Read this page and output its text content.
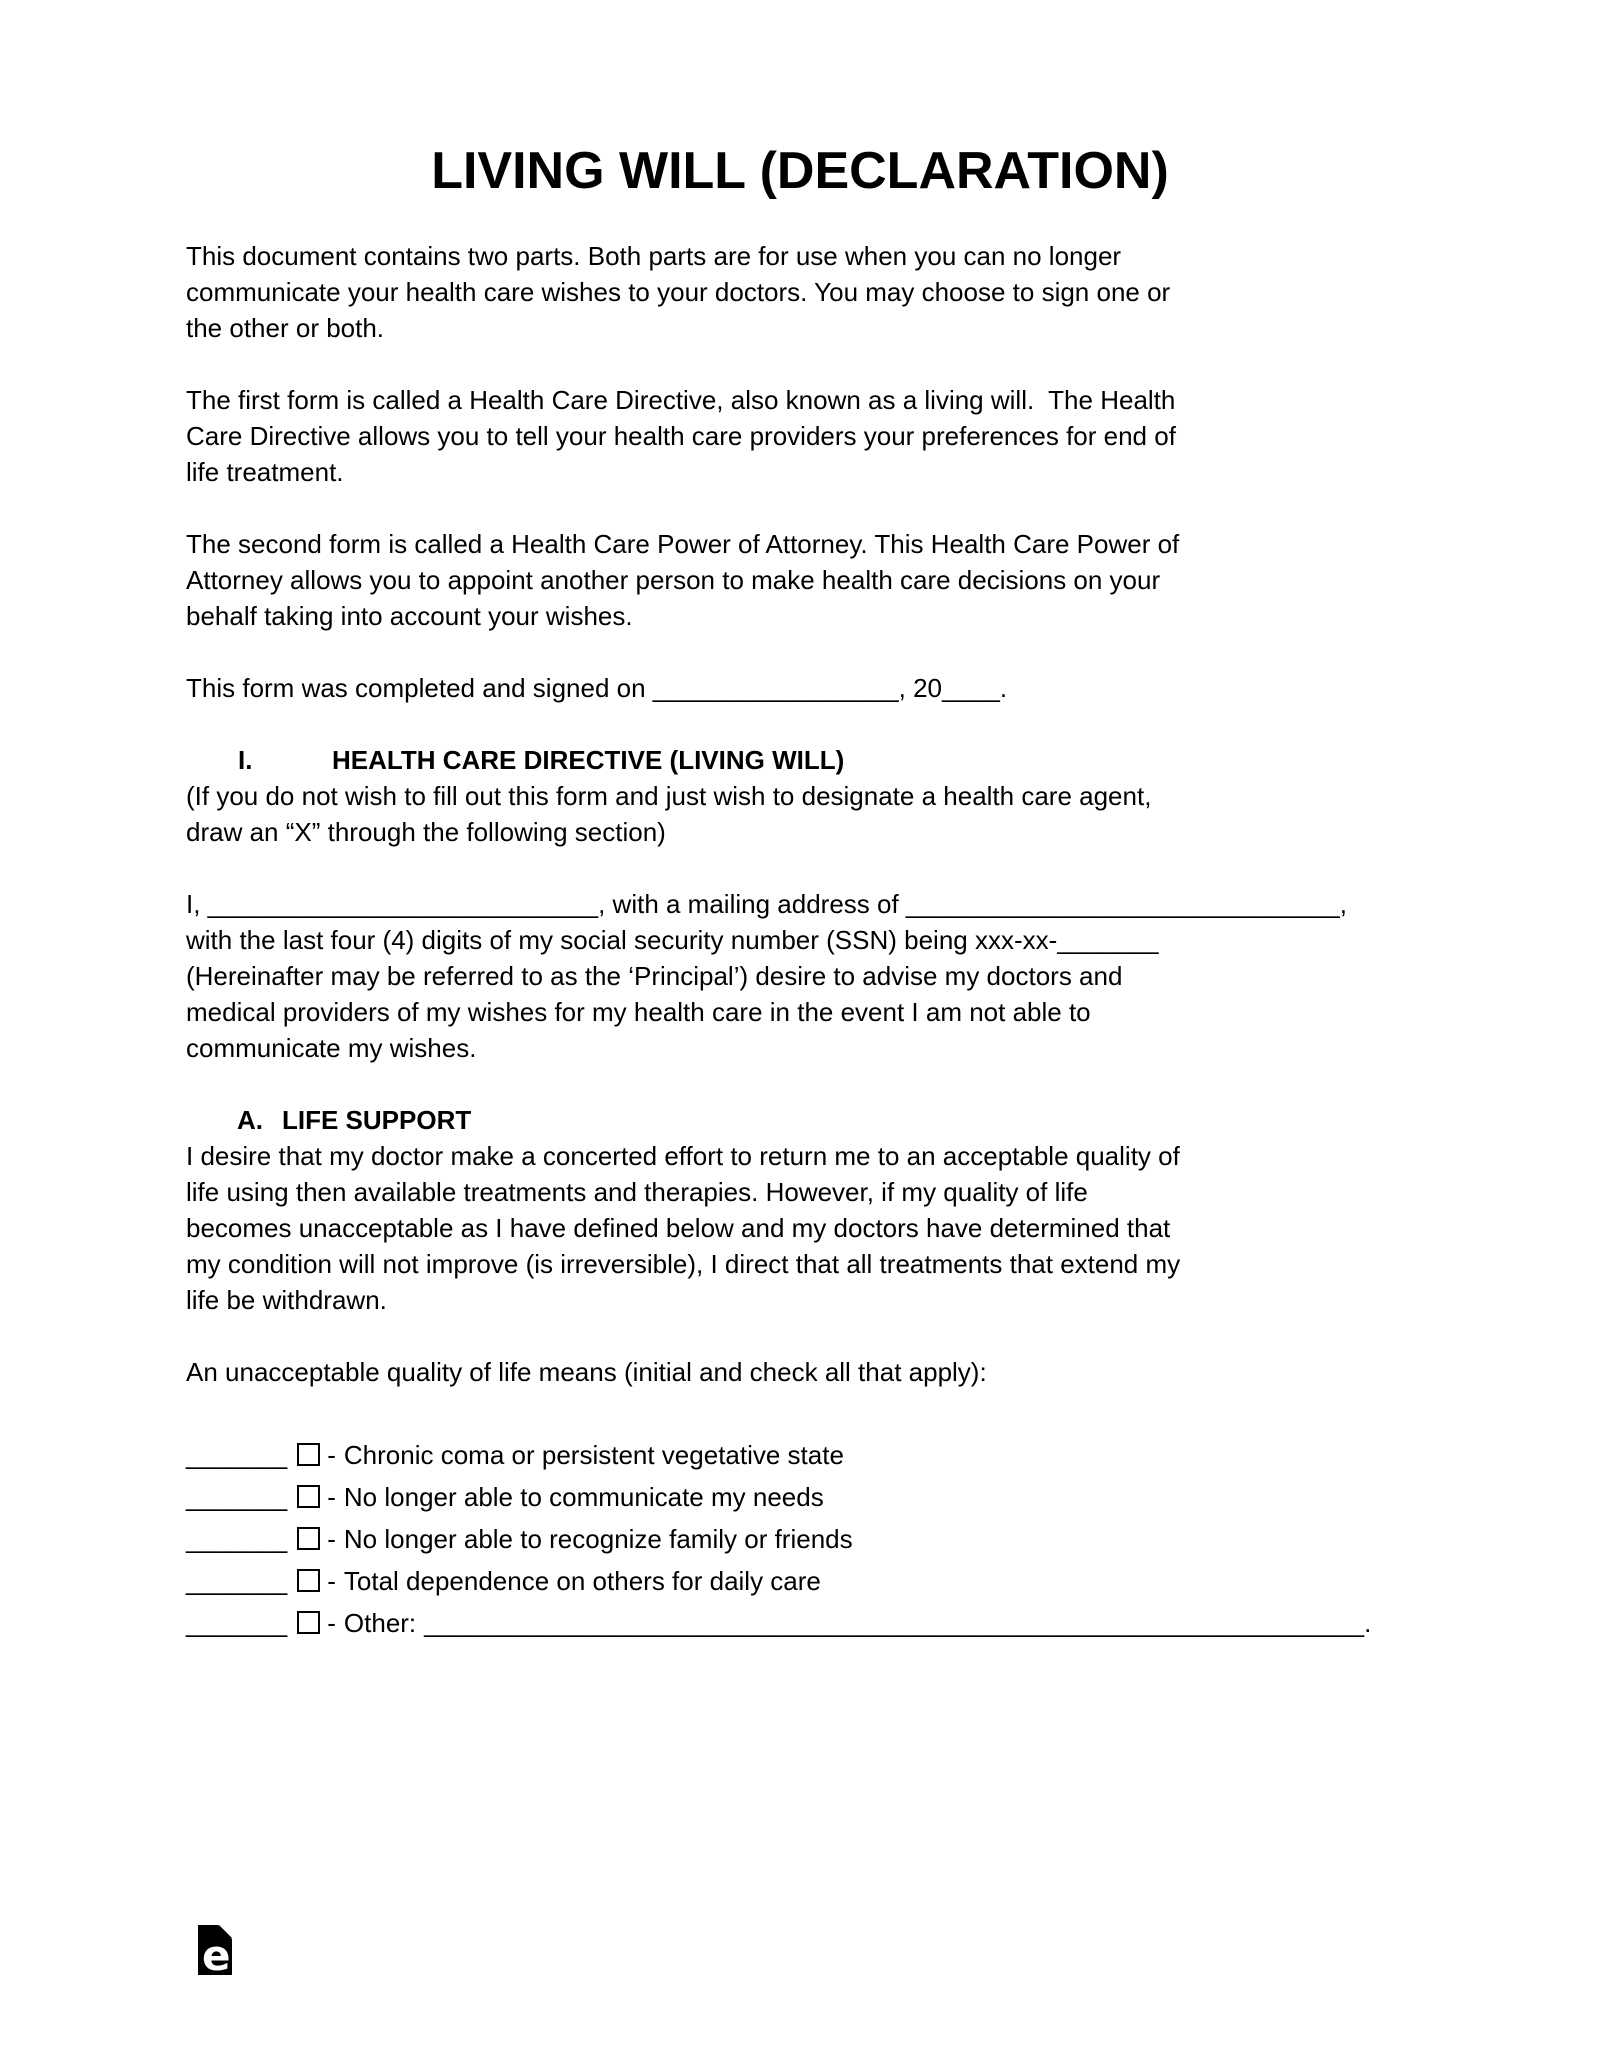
LIVING WILL (DECLARATION)
This document contains two parts. Both parts are for use when you can no longer
communicate your health care wishes to your doctors. You may choose to sign one or
the other or both.
The first form is called a Health Care Directive, also known as a living will.  The Health
Care Directive allows you to tell your health care providers your preferences for end of
life treatment.
The second form is called a Health Care Power of Attorney. This Health Care Power of
Attorney allows you to appoint another person to make health care decisions on your
behalf taking into account your wishes.
This form was completed and signed on _________________, 20____.
I.	HEALTH CARE DIRECTIVE (LIVING WILL)
(If you do not wish to fill out this form and just wish to designate a health care agent,
draw an “X” through the following section)
I, ___________________________, with a mailing address of ______________________________,
with the last four (4) digits of my social security number (SSN) being xxx-xx-_______
(Hereinafter may be referred to as the ‘Principal’) desire to advise my doctors and
medical providers of my wishes for my health care in the event I am not able to
communicate my wishes.
A. LIFE SUPPORT
I desire that my doctor make a concerted effort to return me to an acceptable quality of
life using then available treatments and therapies. However, if my quality of life
becomes unacceptable as I have defined below and my doctors have determined that
my condition will not improve (is irreversible), I direct that all treatments that extend my
life be withdrawn.
An unacceptable quality of life means (initial and check all that apply):
_______ - Chronic coma or persistent vegetative state
_______ - No longer able to communicate my needs
_______ - No longer able to recognize family or friends
_______ - Total dependence on others for daily care
_______ - Other: _________________________________________________________________.
e
